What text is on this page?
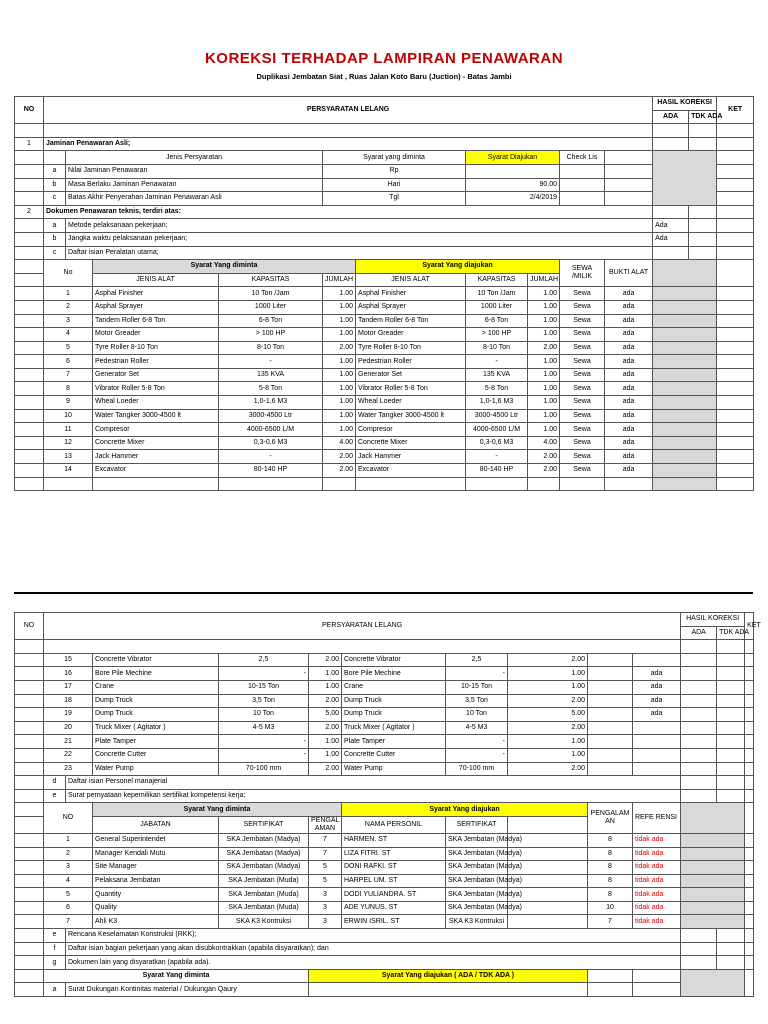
KOREKSI TERHADAP LAMPIRAN PENAWARAN
Duplikasi Jembatan Siat , Ruas Jalan Koto Baru (Juction) - Batas Jambi
NO	PERSYARATAN LELANG										HASIL KOREKSI		KET
											ADA	TDK ADA	

1	Jaminan Penawaran Asli;												
		Jenis Persyaratan			Syarat yang diminta		Syarat Diajukan		Check Lis				
	a	Nilai Jaminan Penawaran			Rp								
	b	Masa Berlaku Jaminan Penawaran			Hari		90.00						
	c	Batas Akhir Penyerahan Jaminan Penawaran Asli			Tgl		2/4/2019						
2	Dokumen Penawaran teknis, terdiri atas:												
	a	Metode pelaksanaan pekerjaan;									Ada		
	b	Jangka waktu pelaksanaan pekerjaan;									Ada		
	c	Daftar isian Peralatan utama;											
	No		Syarat Yang diminta			Syarat Yang diajukan			SEWA /MILIK	BUKTI ALAT			
			JENIS ALAT	KAPASITAS	JUMLAH	JENIS ALAT	KAPASITAS	JUMLAH					
	1		Asphal Finisher	10 Ton /Jam	1.00	Asphal Finisher	10 Ton /Jam	1.00	Sewa	ada			
	2		Asphal Sprayer	1000 Liter	1.00	Asphal Sprayer	1000 Liter	1.00	Sewa	ada			
	3		Tandem Roller 6-8 Ton	6-8 Ton	1.00	Tandem Roller 6-8 Ton	6-8 Ton	1.00	Sewa	ada			
	4		Motor Greader	> 100 HP	1.00	Motor Greader	> 100 HP	1.00	Sewa	ada			
	5		Tyre Roller 8-10 Ton	8-10 Ton	2.00	Tyre Roller 8-10 Ton	8-10 Ton	2.00	Sewa	ada			
	6		Pedestrian Roller	-	1.00	Pedestrian Roller	-	1.00	Sewa	ada			
	7		Generator Set	135 KVA	1.00	Generator Set	135 KVA	1.00	Sewa	ada			
	8		Vibrator Roller 5-8 Ton	5-8 Ton	1.00	Vibrator Roller 5-8 Ton	5-8 Ton	1.00	Sewa	ada			
	9		Wheal Loeder	1,0-1,6 M3	1.00	Wheal Loeder	1,0-1,6 M3	1.00	Sewa	ada			
	10		Water Tangker 3000-4500 lt	3000-4500 Ltr	1.00	Water Tangker 3000-4500 lt	3000-4500 Ltr	1.00	Sewa	ada			
	11		Compresor	4000-6500 L/M	1.00	Compresor	4000-6500 L/M	1.00	Sewa	ada			
	12		Concrette Mixer	0,3-0,6 M3	4.00	Concrette Mixer	0,3-0,6 M3	4.00	Sewa	ada			
	13		Jack Hammer	-	2.00	Jack Hammer	-	2.00	Sewa	ada			
	14		Excavator	80-140 HP	2.00	Excavator	80-140 HP	2.00	Sewa	ada			

NO	PERSYARATAN LELANG										HASIL KOREKSI		KET
											ADA	TDK ADA	

	15		Concrette Vibrator	2,5	2.00	Concrette Vibrator	2,5	2.00					
	16		Bore Pile Mechine	-	1.00	Bore Pile Mechine	-	1.00		ada			
	17		Crane	10-15 Ton	1.00	Crane	10-15 Ton	1.00		ada			
	18		Dump Truck	3,5 Ton	2.00	Dump Truck	3,5 Ton	2.00		ada			
	19		Dump Truck	10 Ton	5.00	Dump Truck	10 Ton	5.00		ada			
	20		Truck Mixer ( Agitator )	4-5 M3	2.00	Truck Mixer ( Agitator )	4-5 M3	2.00					
	21		Plate Tamper	-	1.00	Plate Tamper	-	1.00					
	22		Concrette Cutter	-	1.00	Concrette Cutter	-	1.00					
	23		Water Pump	70-100 mm	2.00	Water Pump	70-100 mm	2.00					
	d	Daftar isian Personel manajerial											
	e	Surat pernyataan kepemilikan sertifikat kompetensi kerja;											
	NO		Syarat Yang diminta			Syarat Yang diajukan			PENGALAM AN	REFE RENSI			
			JABATAN	SERTIFIKAT	PENGAL AMAN	NAMA PERSONIL	SERTIFIKAT						
	1		General Superintendet	SKA Jembatan (Madya)	7	HARMEN. ST	SKA Jembatan (Madya)		8	tidak ada			
	2		Manager Kendali Mutu	SKA Jembatan (Madya)	7	LIZA FITRI. ST	SKA Jembatan (Madya)		8	tidak ada			
	3		Site Manager	SKA Jembatan (Madya)	5	DONI RAFKI. ST	SKA Jembatan (Madya)		8	tidak ada			
	4		Pelaksana Jembatan	SKA Jembatan (Muda)	5	HARPEL UM. ST	SKA Jembatan (Madya)		8	tidak ada			
	5		Quantity	SKA Jembatan (Muda)	3	DODI YULIANDRA. ST	SKA Jembatan (Madya)		8	tidak ada			
	6		Quality	SKA Jembatan (Muda)	3	ADE YUNUS. ST	SKA Jembatan (Madya)		10	tidak ada			
	7		Ahli K3	SKA K3 Kontruksi	3	ERWIN ISRIL. ST	SKA K3 Kontruksi		7	tidak ada			
	e	Rencana Keselamatan Konstruksi (RKK);											
	f	Daftar isian bagian pekerjaan yang akan disubkontrakkan (apabila disyaratkan); dan											
	g	Dokumen lain yang disyaratkan (apabila ada).											
	Syarat Yang diminta				Syarat Yang diajukan ( ADA / TDK ADA )								
	a	Surat Dukungan Kontinitas material / Dukungan Qaury											
